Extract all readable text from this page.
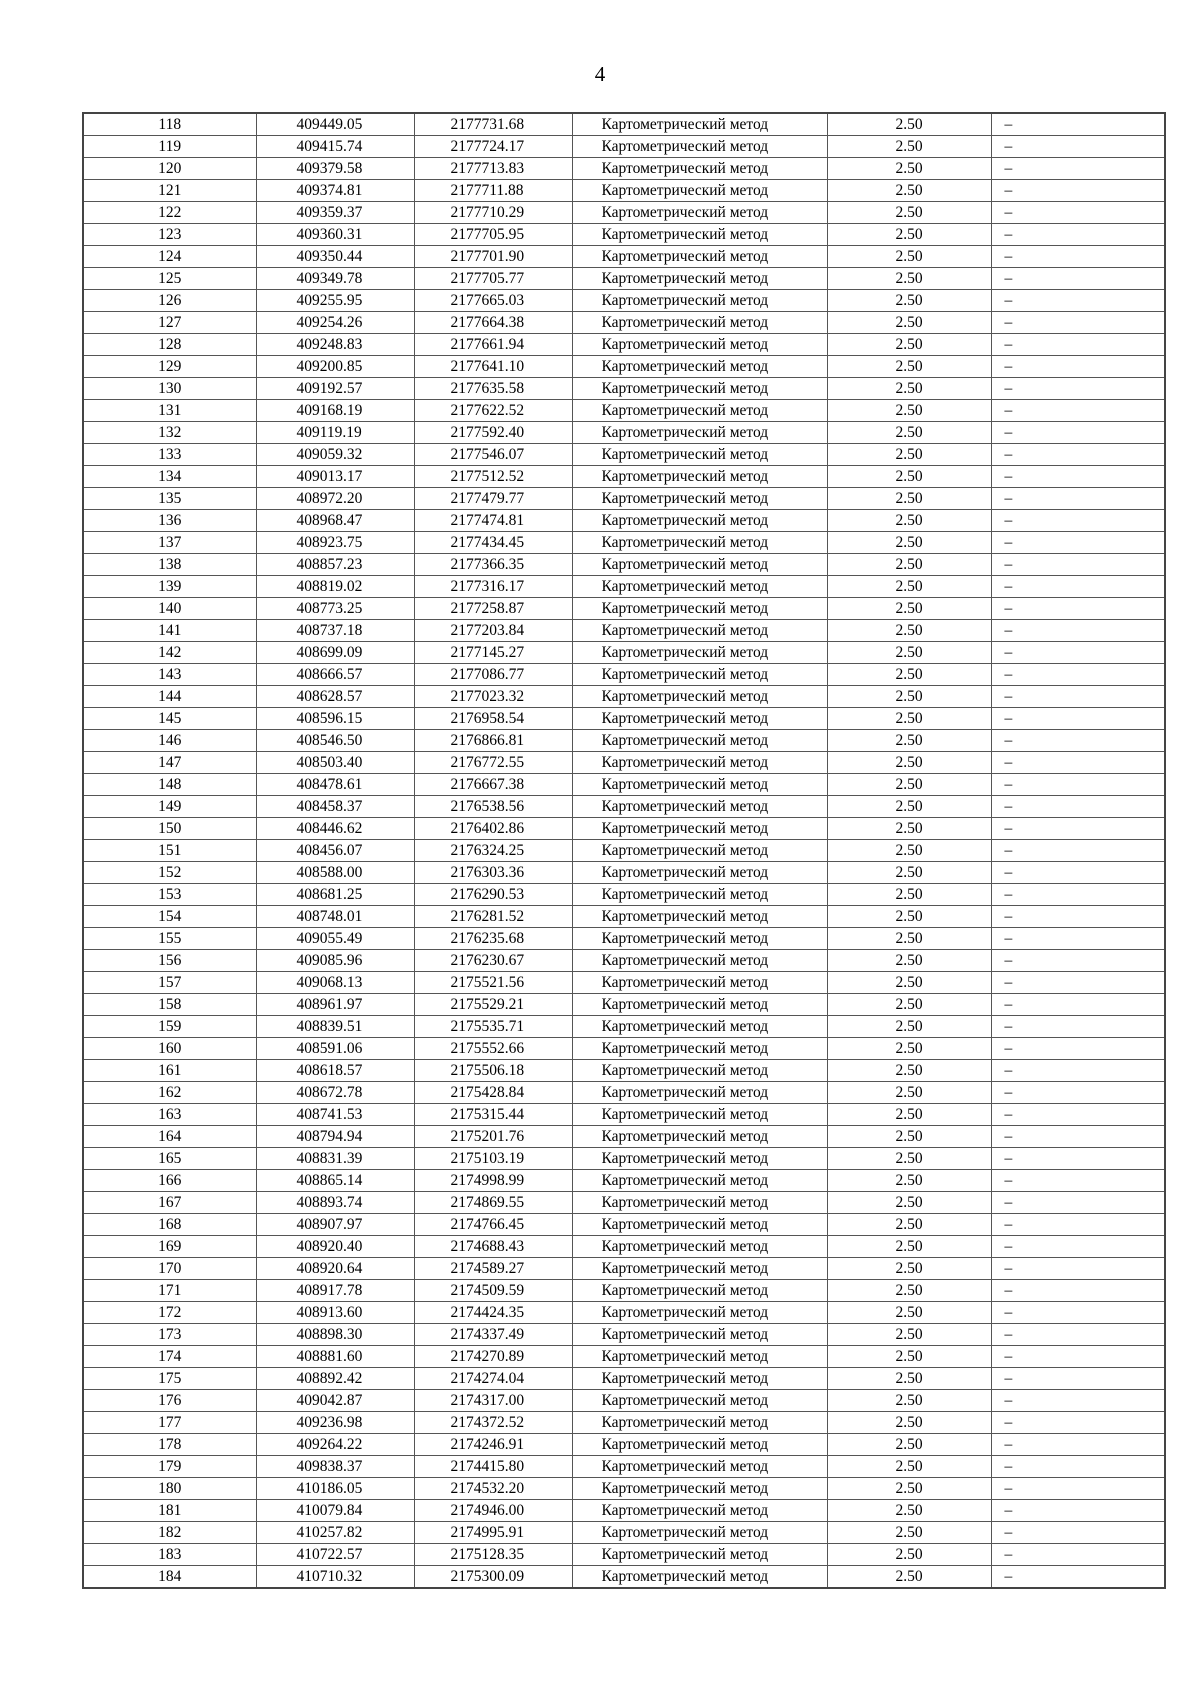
4
118	409449.05	2177731.68	Картометрический метод	2.50	–
119	409415.74	2177724.17	Картометрический метод	2.50	–
120	409379.58	2177713.83	Картометрический метод	2.50	–
121	409374.81	2177711.88	Картометрический метод	2.50	–
122	409359.37	2177710.29	Картометрический метод	2.50	–
123	409360.31	2177705.95	Картометрический метод	2.50	–
124	409350.44	2177701.90	Картометрический метод	2.50	–
125	409349.78	2177705.77	Картометрический метод	2.50	–
126	409255.95	2177665.03	Картометрический метод	2.50	–
127	409254.26	2177664.38	Картометрический метод	2.50	–
128	409248.83	2177661.94	Картометрический метод	2.50	–
129	409200.85	2177641.10	Картометрический метод	2.50	–
130	409192.57	2177635.58	Картометрический метод	2.50	–
131	409168.19	2177622.52	Картометрический метод	2.50	–
132	409119.19	2177592.40	Картометрический метод	2.50	–
133	409059.32	2177546.07	Картометрический метод	2.50	–
134	409013.17	2177512.52	Картометрический метод	2.50	–
135	408972.20	2177479.77	Картометрический метод	2.50	–
136	408968.47	2177474.81	Картометрический метод	2.50	–
137	408923.75	2177434.45	Картометрический метод	2.50	–
138	408857.23	2177366.35	Картометрический метод	2.50	–
139	408819.02	2177316.17	Картометрический метод	2.50	–
140	408773.25	2177258.87	Картометрический метод	2.50	–
141	408737.18	2177203.84	Картометрический метод	2.50	–
142	408699.09	2177145.27	Картометрический метод	2.50	–
143	408666.57	2177086.77	Картометрический метод	2.50	–
144	408628.57	2177023.32	Картометрический метод	2.50	–
145	408596.15	2176958.54	Картометрический метод	2.50	–
146	408546.50	2176866.81	Картометрический метод	2.50	–
147	408503.40	2176772.55	Картометрический метод	2.50	–
148	408478.61	2176667.38	Картометрический метод	2.50	–
149	408458.37	2176538.56	Картометрический метод	2.50	–
150	408446.62	2176402.86	Картометрический метод	2.50	–
151	408456.07	2176324.25	Картометрический метод	2.50	–
152	408588.00	2176303.36	Картометрический метод	2.50	–
153	408681.25	2176290.53	Картометрический метод	2.50	–
154	408748.01	2176281.52	Картометрический метод	2.50	–
155	409055.49	2176235.68	Картометрический метод	2.50	–
156	409085.96	2176230.67	Картометрический метод	2.50	–
157	409068.13	2175521.56	Картометрический метод	2.50	–
158	408961.97	2175529.21	Картометрический метод	2.50	–
159	408839.51	2175535.71	Картометрический метод	2.50	–
160	408591.06	2175552.66	Картометрический метод	2.50	–
161	408618.57	2175506.18	Картометрический метод	2.50	–
162	408672.78	2175428.84	Картометрический метод	2.50	–
163	408741.53	2175315.44	Картометрический метод	2.50	–
164	408794.94	2175201.76	Картометрический метод	2.50	–
165	408831.39	2175103.19	Картометрический метод	2.50	–
166	408865.14	2174998.99	Картометрический метод	2.50	–
167	408893.74	2174869.55	Картометрический метод	2.50	–
168	408907.97	2174766.45	Картометрический метод	2.50	–
169	408920.40	2174688.43	Картометрический метод	2.50	–
170	408920.64	2174589.27	Картометрический метод	2.50	–
171	408917.78	2174509.59	Картометрический метод	2.50	–
172	408913.60	2174424.35	Картометрический метод	2.50	–
173	408898.30	2174337.49	Картометрический метод	2.50	–
174	408881.60	2174270.89	Картометрический метод	2.50	–
175	408892.42	2174274.04	Картометрический метод	2.50	–
176	409042.87	2174317.00	Картометрический метод	2.50	–
177	409236.98	2174372.52	Картометрический метод	2.50	–
178	409264.22	2174246.91	Картометрический метод	2.50	–
179	409838.37	2174415.80	Картометрический метод	2.50	–
180	410186.05	2174532.20	Картометрический метод	2.50	–
181	410079.84	2174946.00	Картометрический метод	2.50	–
182	410257.82	2174995.91	Картометрический метод	2.50	–
183	410722.57	2175128.35	Картометрический метод	2.50	–
184	410710.32	2175300.09	Картометрический метод	2.50	–
